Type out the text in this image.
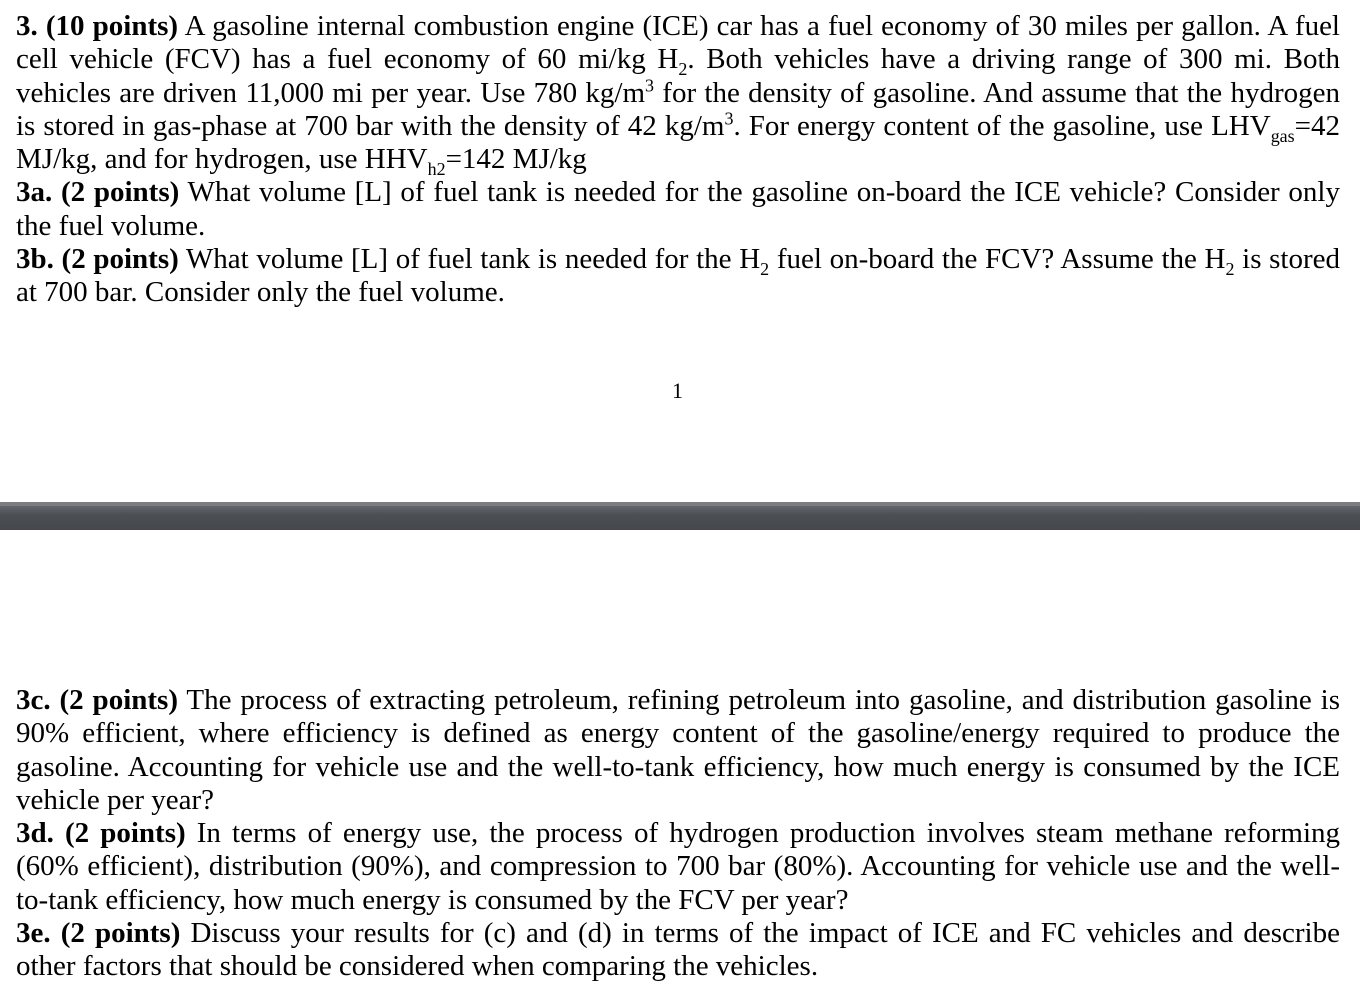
3. (10 points) A gasoline internal combustion engine (ICE) car has a fuel economy of 30 miles per gallon. A fuel cell vehicle (FCV) has a fuel economy of 60 mi/kg $H_2$. Both vehicles have a driving range of 300 mi. Both vehicles are driven 11,000 mi per year. Use 780 $kg/m^3$ for the density of gasoline. And assume that the hydrogen is stored in gas-phase at 700 bar with the density of 42 $kg/m^3$. For energy content of the gasoline, use $LHV_{gas}=42$ MJ/kg, and for hydrogen, use $HHV_{h2}=142$ MJ/kg

3a. (2 points) What volume [L] of fuel tank is needed for the gasoline on-board the ICE vehicle? Consider only the fuel volume.

3b. (2 points) What volume [L] of fuel tank is needed for the $H_2$ fuel on-board the FCV? Assume the $H_2$ is stored at 700 bar. Consider only the fuel volume.

1

3c. (2 points) The process of extracting petroleum, refining petroleum into gasoline, and distribution gasoline is 90% efficient, where efficiency is defined as energy content of the gasoline/energy required to produce the gasoline. Accounting for vehicle use and the well-to-tank efficiency, how much energy is consumed by the ICE vehicle per year?

3d. (2 points) In terms of energy use, the process of hydrogen production involves steam methane reforming (60% efficient), distribution (90%), and compression to 700 bar (80%). Accounting for vehicle use and the well-to-tank efficiency, how much energy is consumed by the FCV per year?

3e. (2 points) Discuss your results for (c) and (d) in terms of the impact of ICE and FC vehicles and describe other factors that should be considered when comparing the vehicles.
